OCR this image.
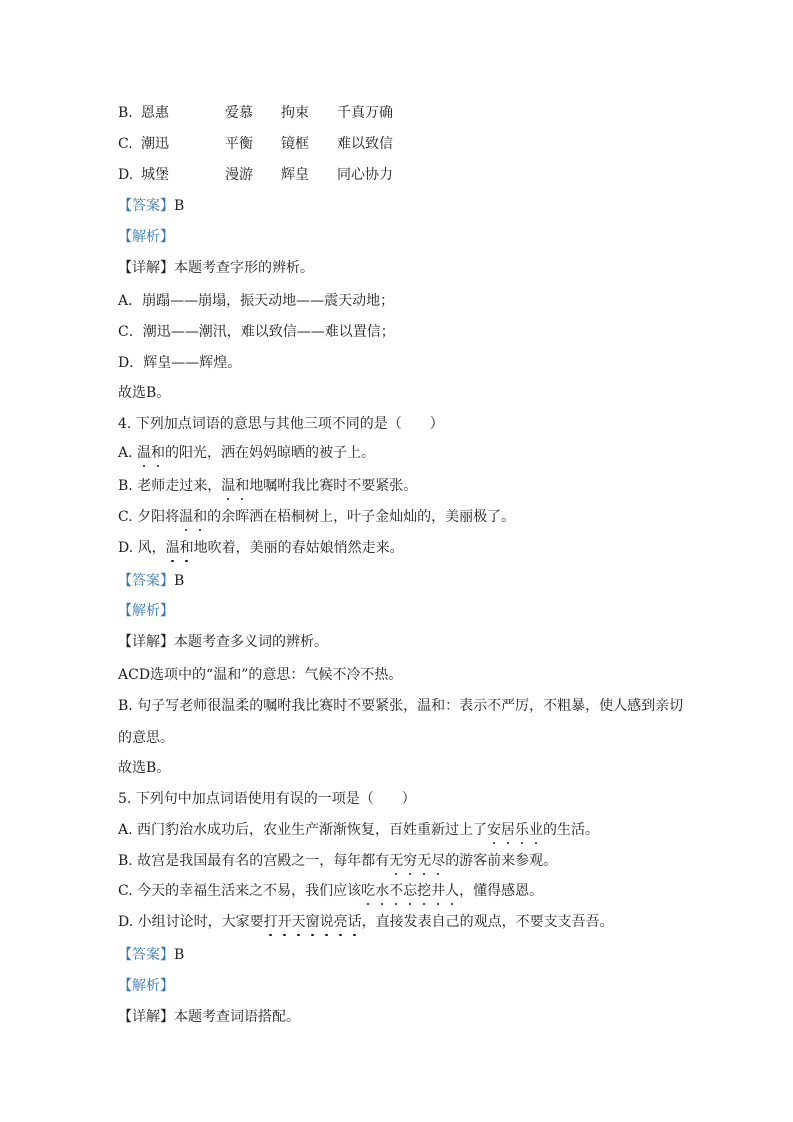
B. 恩惠	爱慕 拘束 千真万确
C. 潮迅	平衡 镜框 难以致信
D. 城堡	漫游 辉皇 同心协力
【答案】B
【解析】
【详解】本题考查字形的辨析。
A．崩蹋——崩塌，振天动地——震天动地；
C．潮迅——潮汛，难以致信——难以置信；
D．辉皇——辉煌。
故选B。
4. 下列加点词语的意思与其他三项不同的是（　　）
A. 温和的阳光，洒在妈妈晾晒的被子上。
B. 老师走过来，温和地嘱咐我比赛时不要紧张。
C. 夕阳将温和的余晖洒在梧桐树上，叶子金灿灿的，美丽极了。
D. 风，温和地吹着，美丽的春姑娘悄然走来。
【答案】B
【解析】
【详解】本题考查多义词的辨析。
ACD选项中的“温和”的意思：气候不冷不热。
B. 句子写老师很温柔的嘱咐我比赛时不要紧张，温和：表示不严厉，不粗暴，使人感到亲切
的意思。
故选B。
5. 下列句中加点词语使用有误的一项是（　　）
A. 西门豹治水成功后，农业生产渐渐恢复，百姓重新过上了安居乐业的生活。
B. 故宫是我国最有名的宫殿之一，每年都有无穷无尽的游客前来参观。
C. 今天的幸福生活来之不易，我们应该吃水不忘挖井人，懂得感恩。
D. 小组讨论时，大家要打开天窗说亮话，直接发表自己的观点，不要支支吾吾。
【答案】B
【解析】
【详解】本题考查词语搭配。
